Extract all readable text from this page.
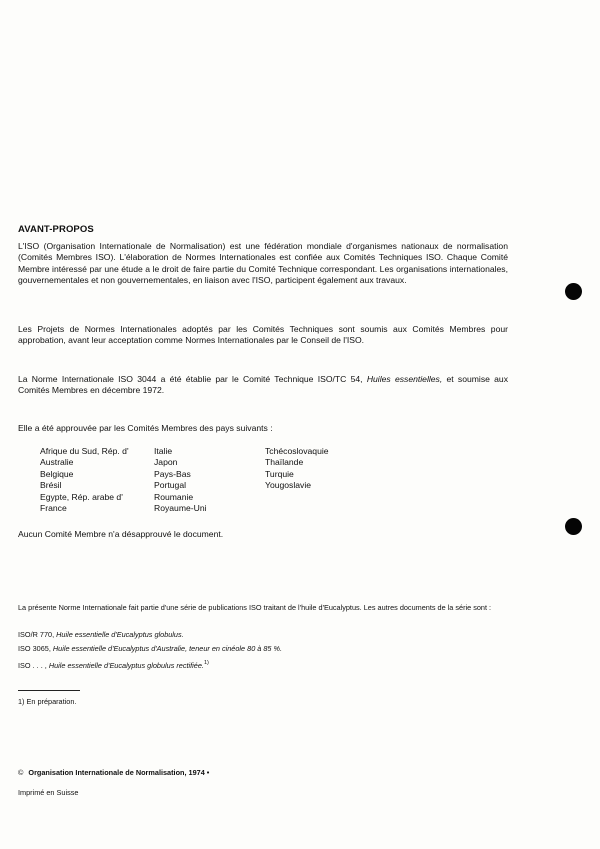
AVANT-PROPOS
L'ISO (Organisation Internationale de Normalisation) est une fédération mondiale d'organismes nationaux de normalisation (Comités Membres ISO). L'élaboration de Normes Internationales est confiée aux Comités Techniques ISO. Chaque Comité Membre intéressé par une étude a le droit de faire partie du Comité Technique correspondant. Les organisations internationales, gouvernementales et non gouvernementales, en liaison avec l'ISO, participent également aux travaux.
Les Projets de Normes Internationales adoptés par les Comités Techniques sont soumis aux Comités Membres pour approbation, avant leur acceptation comme Normes Internationales par le Conseil de l'ISO.
La Norme Internationale ISO 3044 a été établie par le Comité Technique ISO/TC 54, Huiles essentielles, et soumise aux Comités Membres en décembre 1972.
Elle a été approuvée par les Comités Membres des pays suivants :
Afrique du Sud, Rép. d'
Australie
Belgique
Brésil
Egypte, Rép. arabe d'
France
Italie
Japon
Pays-Bas
Portugal
Roumanie
Royaume-Uni
Tchécoslovaquie
Thaïlande
Turquie
Yougoslavie
Aucun Comité Membre n'a désapprouvé le document.
La présente Norme Internationale fait partie d'une série de publications ISO traitant de l'huile d'Eucalyptus. Les autres documents de la série sont :
ISO/R 770, Huile essentielle d'Eucalyptus globulus.
ISO 3065, Huile essentielle d'Eucalyptus d'Australie, teneur en cinéole 80 à 85 %.
ISO . . . , Huile essentielle d'Eucalyptus globulus rectifiée.$^{1)}$
1) En préparation.
© Organisation Internationale de Normalisation, 1974 •
Imprimé en Suisse
